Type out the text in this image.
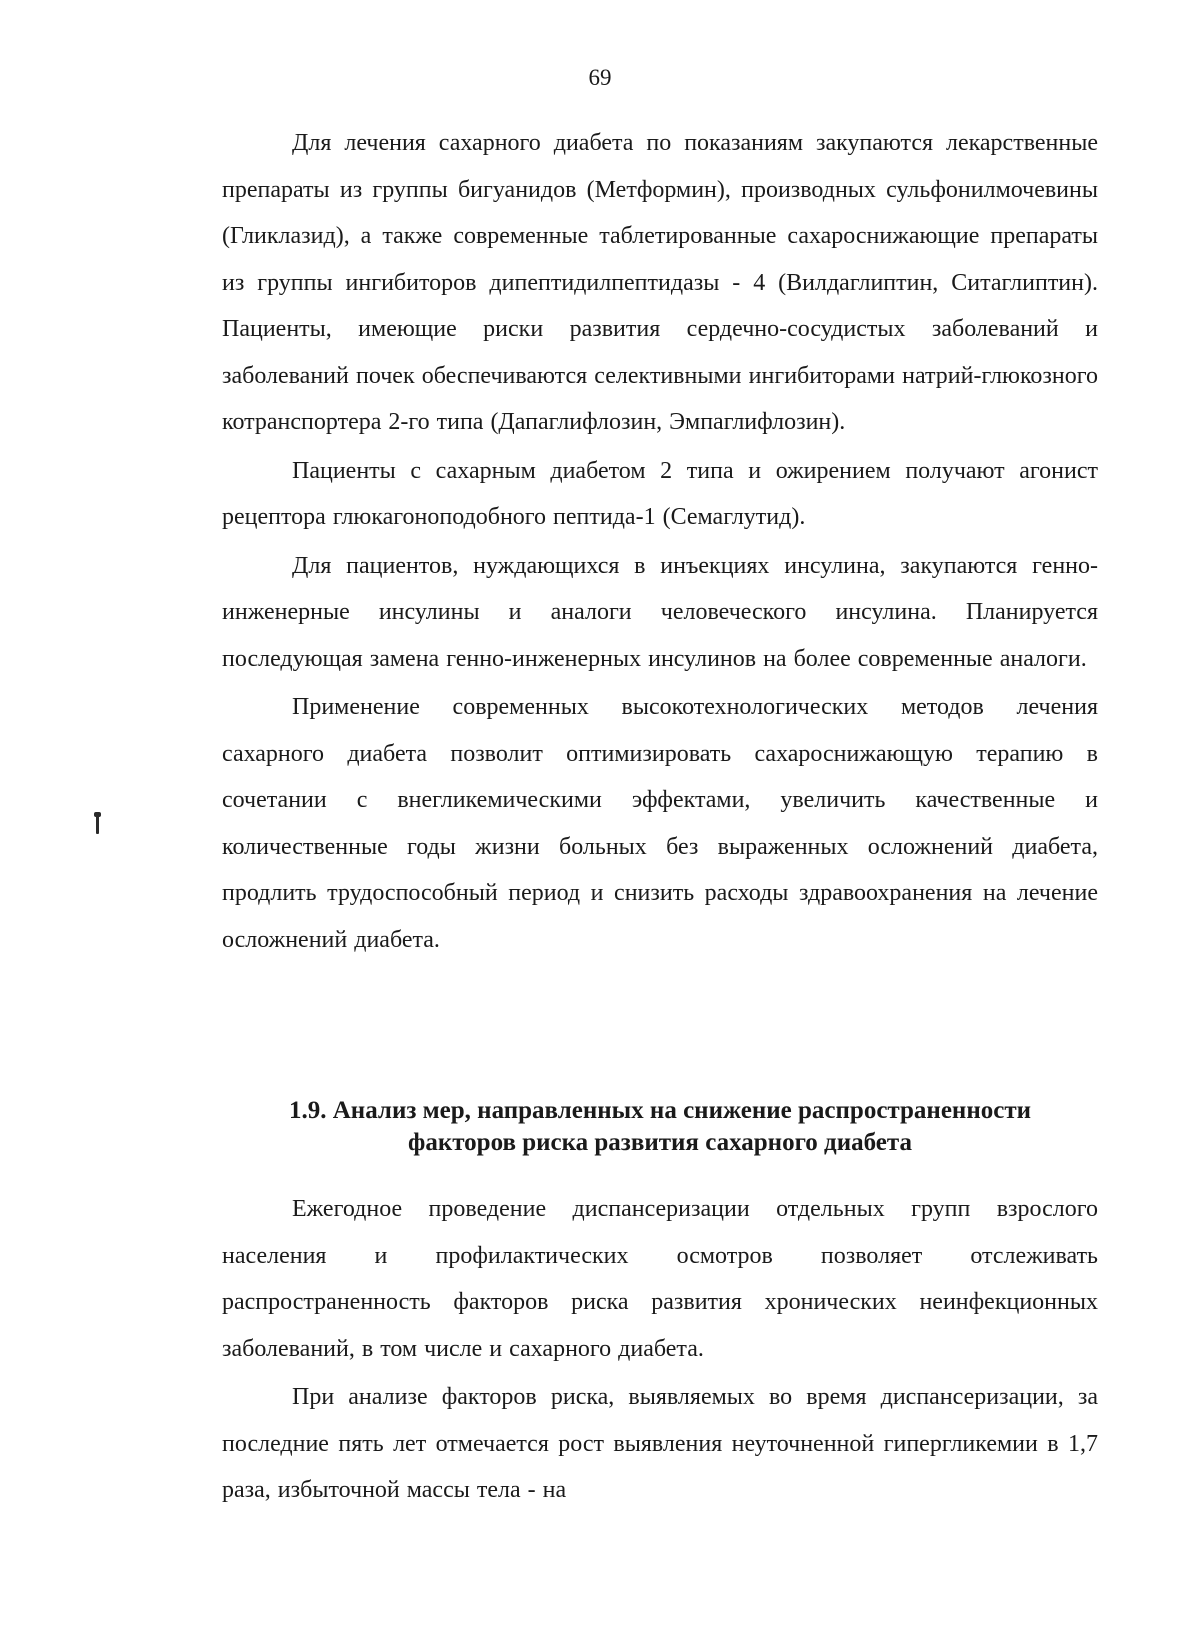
69

Для лечения сахарного диабета по показаниям закупаются лекарственные препараты из группы бигуанидов (Метформин), производных сульфонилмочевины (Гликлазид), а также современные таблетированные сахароснижающие препараты из группы ингибиторов дипептидилпептидазы - 4 (Вилдаглиптин, Ситаглиптин). Пациенты, имеющие риски развития сердечно-сосудистых заболеваний и заболеваний почек обеспечиваются селективными ингибиторами натрий-глюкозного котранспортера 2-го типа (Дапаглифлозин, Эмпаглифлозин).

Пациенты с сахарным диабетом 2 типа и ожирением получают агонист рецептора глюкагоноподобного пептида-1 (Семаглутид).

Для пациентов, нуждающихся в инъекциях инсулина, закупаются генно-инженерные инсулины и аналоги человеческого инсулина. Планируется последующая замена генно-инженерных инсулинов на более современные аналоги.

Применение современных высокотехнологических методов лечения сахарного диабета позволит оптимизировать сахароснижающую терапию в сочетании с внегликемическими эффектами, увеличить качественные и количественные годы жизни больных без выраженных осложнений диабета, продлить трудоспособный период и снизить расходы здравоохранения на лечение осложнений диабета.

1.9. Анализ мер, направленных на снижение распространенности
факторов риска развития сахарного диабета

Ежегодное проведение диспансеризации отдельных групп взрослого населения и профилактических осмотров позволяет отслеживать распространенность факторов риска развития хронических неинфекционных заболеваний, в том числе и сахарного диабета.

При анализе факторов риска, выявляемых во время диспансеризации, за последние пять лет отмечается рост выявления неуточненной гипергликемии в 1,7 раза, избыточной массы тела - на
